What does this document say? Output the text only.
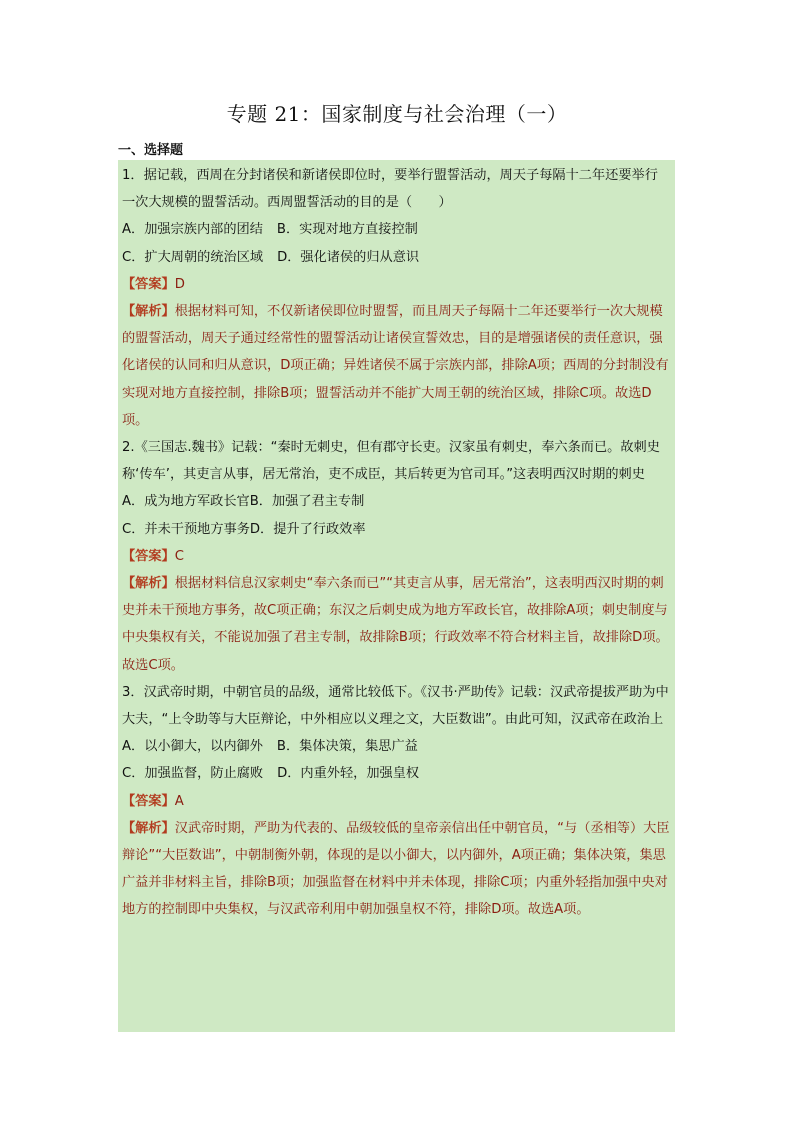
专题 21：国家制度与社会治理（一）
一、选择题

1．据记载，西周在分封诸侯和新诸侯即位时，要举行盟誓活动，周天子每隔十二年还要举行一次大规模的盟誓活动。西周盟誓活动的目的是（　　）

A．加强宗族内部的团结 B．实现对地方直接控制

C．扩大周朝的统治区域 D．强化诸侯的归从意识

【答案】D

【解析】根据材料可知，不仅新诸侯即位时盟誓，而且周天子每隔十二年还要举行一次大规模的盟誓活动，周天子通过经常性的盟誓活动让诸侯宣誓效忠，目的是增强诸侯的责任意识，强化诸侯的认同和归从意识，D项正确；异姓诸侯不属于宗族内部，排除A项；西周的分封制没有实现对地方直接控制，排除B项；盟誓活动并不能扩大周王朝的统治区域，排除C项。故选D项。

2.《三国志.魏书》记载：“秦时无刺史，但有郡守长吏。汉家虽有刺史，奉六条而已。故刺史称‘传车’，其吏言从事，居无常治，吏不成臣，其后转更为官司耳。”这表明西汉时期的刺史

A．成为地方军政长官B．加强了君主专制

C．并未干预地方事务D．提升了行政效率

【答案】C

【解析】根据材料信息汉家刺史“奉六条而已”“其吏言从事，居无常治”，这表明西汉时期的刺史并未干预地方事务，故C项正确；东汉之后刺史成为地方军政长官，故排除A项；刺史制度与中央集权有关，不能说加强了君主专制，故排除B项；行政效率不符合材料主旨，故排除D项。故选C项。

3．汉武帝时期，中朝官员的品级，通常比较低下。《汉书·严助传》记载：汉武帝提拔严助为中大夫，“上令助等与大臣辩论，中外相应以义理之文，大臣数诎”。由此可知，汉武帝在政治上

A．以小御大，以内御外 B．集体决策，集思广益

C．加强监督，防止腐败 D．内重外轻，加强皇权

【答案】A

【解析】汉武帝时期，严助为代表的、品级较低的皇帝亲信出任中朝官员，“与（丞相等）大臣辩论”“大臣数诎”，中朝制衡外朝，体现的是以小御大，以内御外，A项正确；集体决策，集思广益并非材料主旨，排除B项；加强监督在材料中并未体现，排除C项；内重外轻指加强中央对地方的控制即中央集权，与汉武帝利用中朝加强皇权不符，排除D项。故选A项。
